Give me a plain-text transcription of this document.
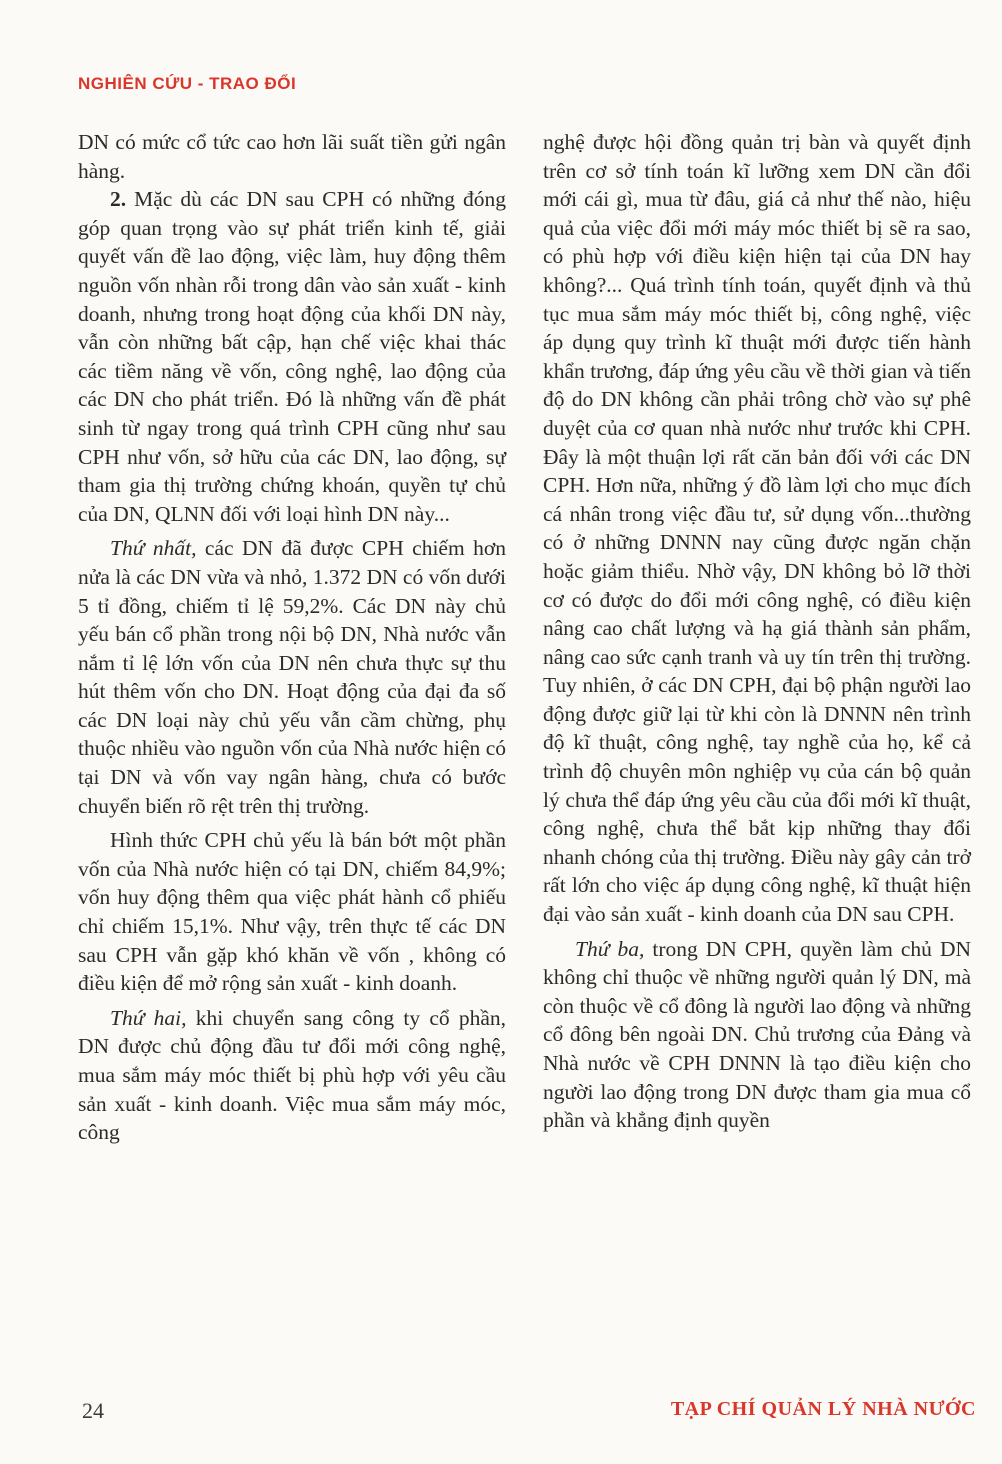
NGHIÊN CỨU - TRAO ĐỔI

DN có mức cổ tức cao hơn lãi suất tiền gửi ngân hàng.

2. Mặc dù các DN sau CPH có những đóng góp quan trọng vào sự phát triển kinh tế, giải quyết vấn đề lao động, việc làm, huy động thêm nguồn vốn nhàn rỗi trong dân vào sản xuất - kinh doanh, nhưng trong hoạt động của khối DN này, vẫn còn những bất cập, hạn chế việc khai thác các tiềm năng về vốn, công nghệ, lao động của các DN cho phát triển. Đó là những vấn đề phát sinh từ ngay trong quá trình CPH cũng như sau CPH như vốn, sở hữu của các DN, lao động, sự tham gia thị trường chứng khoán, quyền tự chủ của DN, QLNN đối với loại hình DN này...

Thứ nhất, các DN đã được CPH chiếm hơn nửa là các DN vừa và nhỏ, 1.372 DN có vốn dưới 5 tỉ đồng, chiếm tỉ lệ 59,2%. Các DN này chủ yếu bán cổ phần trong nội bộ DN, Nhà nước vẫn nắm tỉ lệ lớn vốn của DN nên chưa thực sự thu hút thêm vốn cho DN. Hoạt động của đại đa số các DN loại này chủ yếu vẫn cầm chừng, phụ thuộc nhiều vào nguồn vốn của Nhà nước hiện có tại DN và vốn vay ngân hàng, chưa có bước chuyển biến rõ rệt trên thị trường.

Hình thức CPH chủ yếu là bán bớt một phần vốn của Nhà nước hiện có tại DN, chiếm 84,9%; vốn huy động thêm qua việc phát hành cổ phiếu chỉ chiếm 15,1%. Như vậy, trên thực tế các DN sau CPH vẫn gặp khó khăn về vốn , không có điều kiện để mở rộng sản xuất - kinh doanh.

Thứ hai, khi chuyển sang công ty cổ phần, DN được chủ động đầu tư đổi mới công nghệ, mua sắm máy móc thiết bị phù hợp với yêu cầu sản xuất - kinh doanh. Việc mua sắm máy móc, công

nghệ được hội đồng quản trị bàn và quyết định trên cơ sở tính toán kĩ lưỡng xem DN cần đổi mới cái gì, mua từ đâu, giá cả như thế nào, hiệu quả của việc đổi mới máy móc thiết bị sẽ ra sao, có phù hợp với điều kiện hiện tại của DN hay không?... Quá trình tính toán, quyết định và thủ tục mua sắm máy móc thiết bị, công nghệ, việc áp dụng quy trình kĩ thuật mới được tiến hành khẩn trương, đáp ứng yêu cầu về thời gian và tiến độ do DN không cần phải trông chờ vào sự phê duyệt của cơ quan nhà nước như trước khi CPH. Đây là một thuận lợi rất căn bản đối với các DN CPH. Hơn nữa, những ý đồ làm lợi cho mục đích cá nhân trong việc đầu tư, sử dụng vốn...thường có ở những DNNN nay cũng được ngăn chặn hoặc giảm thiểu. Nhờ vậy, DN không bỏ lỡ thời cơ có được do đổi mới công nghệ, có điều kiện nâng cao chất lượng và hạ giá thành sản phẩm, nâng cao sức cạnh tranh và uy tín trên thị trường. Tuy nhiên, ở các DN CPH, đại bộ phận người lao động được giữ lại từ khi còn là DNNN nên trình độ kĩ thuật, công nghệ, tay nghề của họ, kể cả trình độ chuyên môn nghiệp vụ của cán bộ quản lý chưa thể đáp ứng yêu cầu của đổi mới kĩ thuật, công nghệ, chưa thể bắt kịp những thay đổi nhanh chóng của thị trường. Điều này gây cản trở rất lớn cho việc áp dụng công nghệ, kĩ thuật hiện đại vào sản xuất - kinh doanh của DN sau CPH.

Thứ ba, trong DN CPH, quyền làm chủ DN không chỉ thuộc về những người quản lý DN, mà còn thuộc về cổ đông là người lao động và những cổ đông bên ngoài DN. Chủ trương của Đảng và Nhà nước về CPH DNNN là tạo điều kiện cho người lao động trong DN được tham gia mua cổ phần và khẳng định quyền

24	TẠP CHÍ QUẢN LÝ NHÀ NƯỚC
